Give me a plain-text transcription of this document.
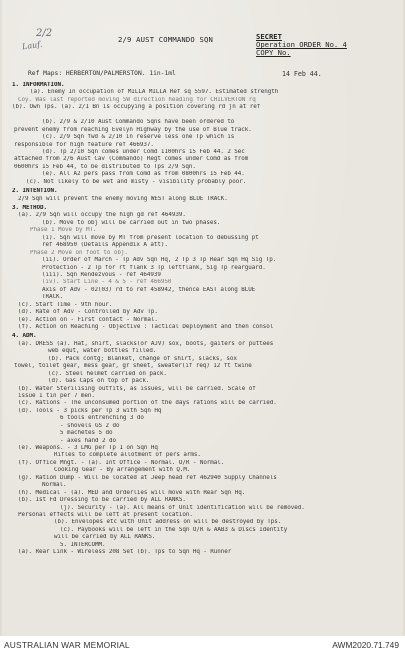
2/2
Lauf.
2/9 AUST COMMANDO SQN	SECRET
Operation ORDER No. 4
COPY No.
Ref Maps: HERBERTON/PALMERSTON. 1in-1ml	14 Feb 44.
1. INFORMATION.
(a). Enemy In occupation of MILLA MILLA Ref sq 5597. Estimated strength
Coy. Was last reported moving SW direction heading for CHILVERTON rq
(b). Own Tps. (a). 2/1 Bn is occupying a position covering rd jn at ref
(b). 2/9 & 2/10 Aust Commando Sqns have been ordered to
prevent enemy from reaching Evelyn Highway by the use of Blue track.
(c). 2/9 Sqn fwd & 2/10 in reserve less one Tp which is
responsible for high feature ref 466937.
(d). Tp 2/10 Sqn comes under Comd 1100hrs 15 Feb 44. 2 Sec
attached from 2/6 Aust Cav (Commando) Regt comes under Comd as from
0600hrs 15 Feb 44, to be distributed to Tps 2/9 Sqn.
(e). All A2 pers pass from Comd as from 0800hrs 15 Feb 44.
(c). Not likely to be wet and misty - visibility probably poor.
2. INTENTION.
2/9 Sqn will prevent the enemy moving WEST along BLUE TRACK.
3. METHOD.
(a). 2/9 Sqn will occupy the high gd ref 464939.
(b). Move to obj will be carried out in two phases.
Phase 1 Move by MT.
(i). Sqn will move by MT from present location to debussing pt
ref 468950 (Details Appendix A att).
Phase 2 Move on foot to obj.
(ii). Order of March - Tp Adv Sqn Hq, 2 Tp 3 Tp Rear Sqn Hq Sig Tp.
Protection - 2 Tp for rt flank 3 Tp leftflank, Sig Tp rearguard.
(iii). Sqn Rendezvous - ref 464939
(iv). Start Line - 4 & 5 - ref 466950
Axis of Adv - 02(03) rd to ref 458942, thence EAST along BLUE
TRACK.
(c). Start Time - 9th hour.
(d). Rate of Adv - Controlled by Adv Tp.
(e). Action on - First contact - Normal.
(f). Action on Reaching - Objective : Tactical Deployment and then consol
4. ADM.
(a). DRESS (a). Hat, shirt, slacks(or AJV) sox, boots, gaiters or puttees
web equt, water bottles filled.
(b). Pack contg; Blanket, change of shirt, slacks, sox
towel, toilet gear, mess gear, gr sheet, sweater(if req) 12 ft twine
(c). Steel helmet carried on pack.
(d). Gas Caps on top of pack.
(b). Water Sterilising outfits, as issues, will be carried. Scale of
issue 1 tin per 7 men.
(c). Rations - The unconsumed portion of the days rations will be carried.
(d). Tools - 3 picks per Tp 3 with Sqn Hq
6 tools entrenching 3 do
- shovels GS 2 do
5 machetes 5 do
- axes hand 2 do
(e). Weapons. - 3 LMG per Tp 1 on Sqn Hq
Rifles to complete allotment of pers arms.
(f). Office Mngt. - (a). Int Office - Normal. O/R - Normal.
Cooking Gear - By arrangement with Q.M.
(g). Ration Dump - Will be located at Jeep head ref 462940 Supply Channels
Normal.
(h). Medical - (a). MED and Orderlies will move with Rear Sqn Hq.
(b). 1st Fd Dressing to be carried by ALL RANKS.
(j). Security - (a). All means of Unit identification will be removed.
Personal effects will be left at present location.
(b). Envelopes etc with Unit address on will be destroyed by Tps.
(c). Paybooks will be left in the Sqn O/R & AAB3 & Discs Identity
will be carried by ALL RANKS.
5. INTERCOMM.
(a). Rear Link - Wireless 208 Set (b). Tps to Sqn Hq - Runner
AUSTRALIAN WAR MEMORIAL	AWM2020.71.749
